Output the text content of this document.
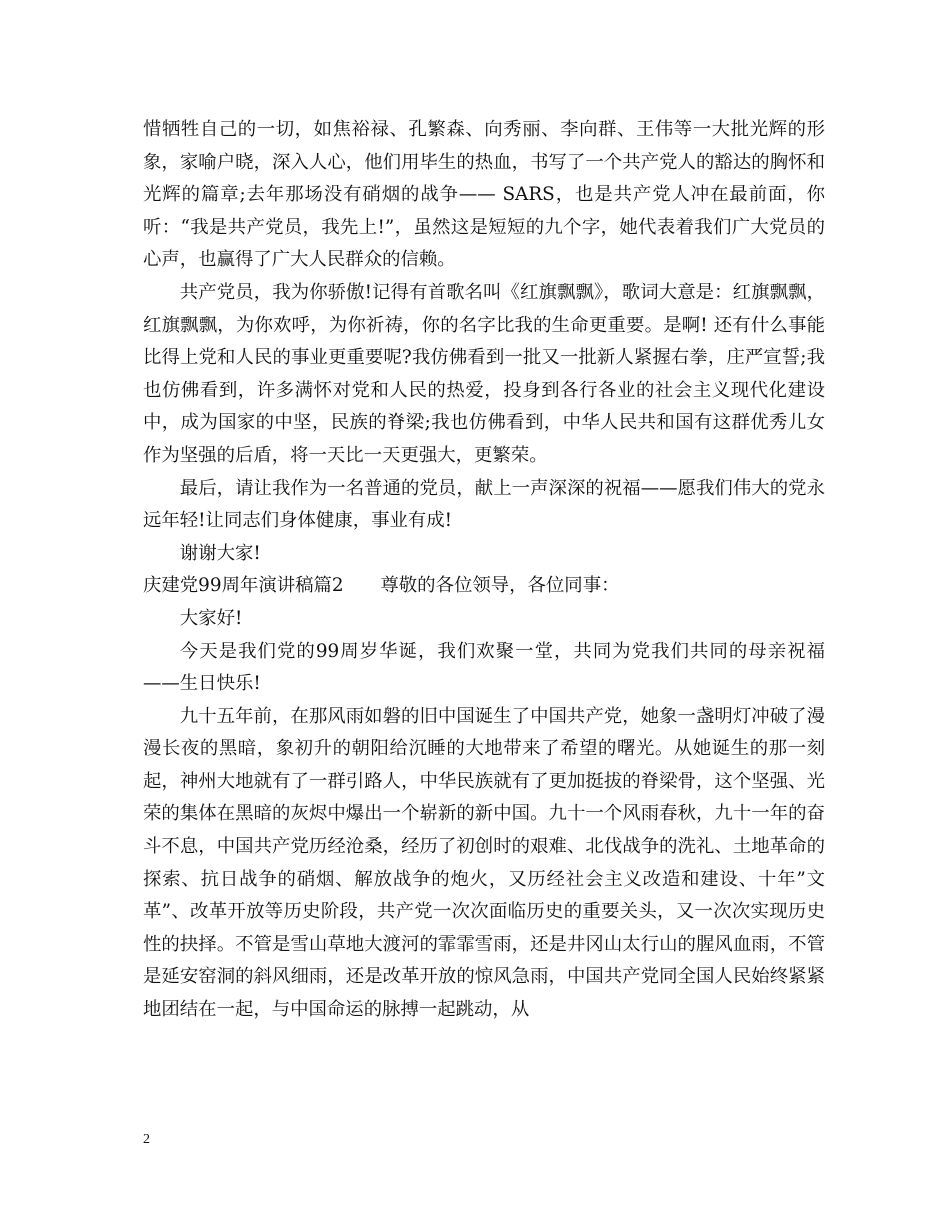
惜牺牲自己的一切，如焦裕禄、孔繁森、向秀丽、李向群、王伟等一大批光辉的形象，家喻户晓，深入人心，他们用毕生的热血，书写了一个共产党人的豁达的胸怀和光辉的篇章;去年那场没有硝烟的战争—— SARS，也是共产党人冲在最前面，你听：“我是共产党员，我先上!”，虽然这是短短的九个字，她代表着我们广大党员的心声，也赢得了广大人民群众的信赖。

共产党员，我为你骄傲!记得有首歌名叫《红旗飘飘》，歌词大意是：红旗飘飘，红旗飘飘，为你欢呼，为你祈祷，你的名字比我的生命更重要。是啊! 还有什么事能比得上党和人民的事业更重要呢?我仿佛看到一批又一批新人紧握右拳，庄严宣誓;我也仿佛看到，许多满怀对党和人民的热爱，投身到各行各业的社会主义现代化建设中，成为国家的中坚，民族的脊梁;我也仿佛看到，中华人民共和国有这群优秀儿女作为坚强的后盾，将一天比一天更强大，更繁荣。

最后，请让我作为一名普通的党员，献上一声深深的祝福——愿我们伟大的党永远年轻!让同志们身体健康，事业有成!

谢谢大家!

庆建党99周年演讲稿篇2　　尊敬的各位领导，各位同事：

大家好!

今天是我们党的99周岁华诞，我们欢聚一堂，共同为党我们共同的母亲祝福——生日快乐!

九十五年前，在那风雨如磐的旧中国诞生了中国共产党，她象一盏明灯冲破了漫漫长夜的黑暗，象初升的朝阳给沉睡的大地带来了希望的曙光。从她诞生的那一刻起，神州大地就有了一群引路人，中华民族就有了更加挺拔的脊梁骨，这个坚强、光荣的集体在黑暗的灰烬中爆出一个崭新的新中国。九十一个风雨春秋，九十一年的奋斗不息，中国共产党历经沧桑，经历了初创时的艰难、北伐战争的洗礼、土地革命的探索、抗日战争的硝烟、解放战争的炮火，又历经社会主义改造和建设、十年”文革”、改革开放等历史阶段，共产党一次次面临历史的重要关头，又一次次实现历史性的抉择。不管是雪山草地大渡河的霏霏雪雨，还是井冈山太行山的腥风血雨，不管是延安窑洞的斜风细雨，还是改革开放的惊风急雨，中国共产党同全国人民始终紧紧地团结在一起，与中国命运的脉搏一起跳动，从

2
